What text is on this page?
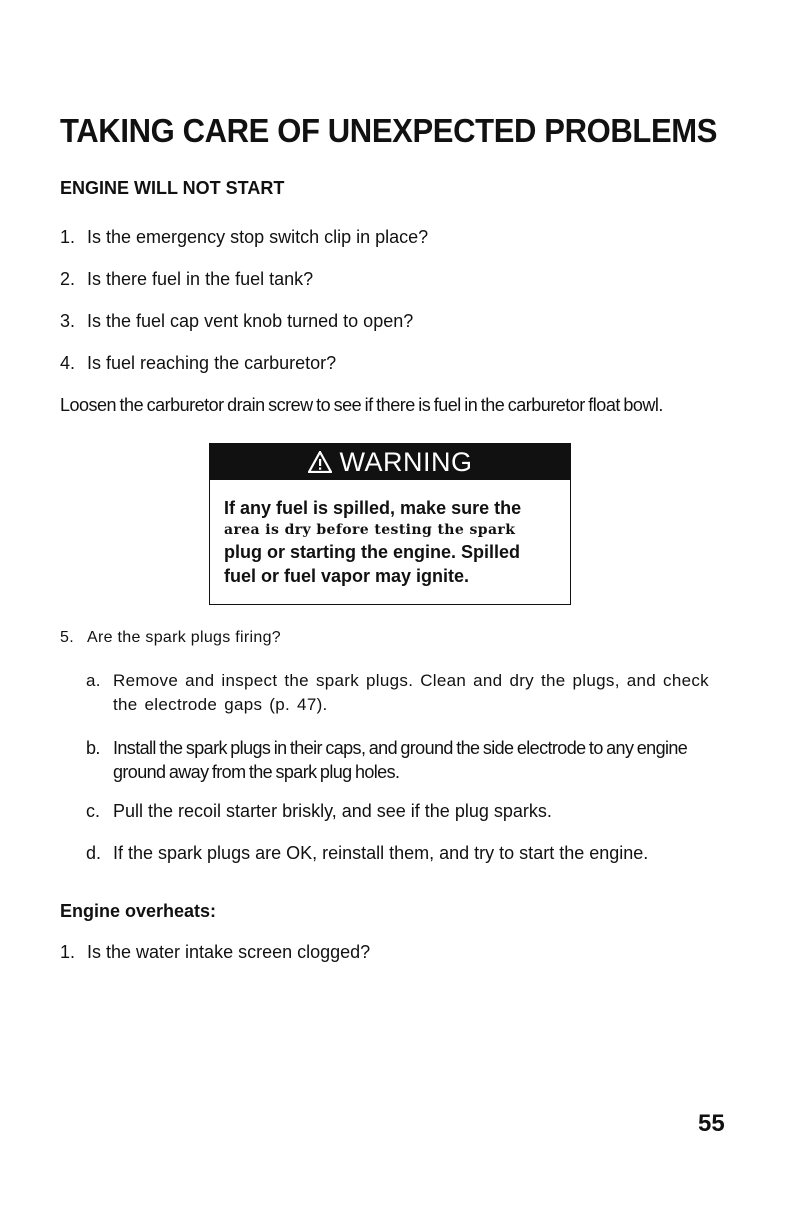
TAKING CARE OF UNEXPECTED PROBLEMS
ENGINE WILL NOT START
1. Is the emergency stop switch clip in place?
2. Is there fuel in the fuel tank?
3. Is the fuel cap vent knob turned to open?
4. Is fuel reaching the carburetor?
Loosen the carburetor drain screw to see if there is fuel in the carburetor float bowl.
WARNING
If any fuel is spilled, make sure the
area is dry before testing the spark
plug or starting the engine. Spilled
fuel or fuel vapor may ignite.
5. Are the spark plugs firing?
a. Remove and inspect the spark plugs. Clean and dry the plugs, and check the electrode gaps (p. 47).
b. Install the spark plugs in their caps, and ground the side electrode to any engine ground away from the spark plug holes.
c. Pull the recoil starter briskly, and see if the plug sparks.
d. If the spark plugs are OK, reinstall them, and try to start the engine.
Engine overheats:
1. Is the water intake screen clogged?
55
